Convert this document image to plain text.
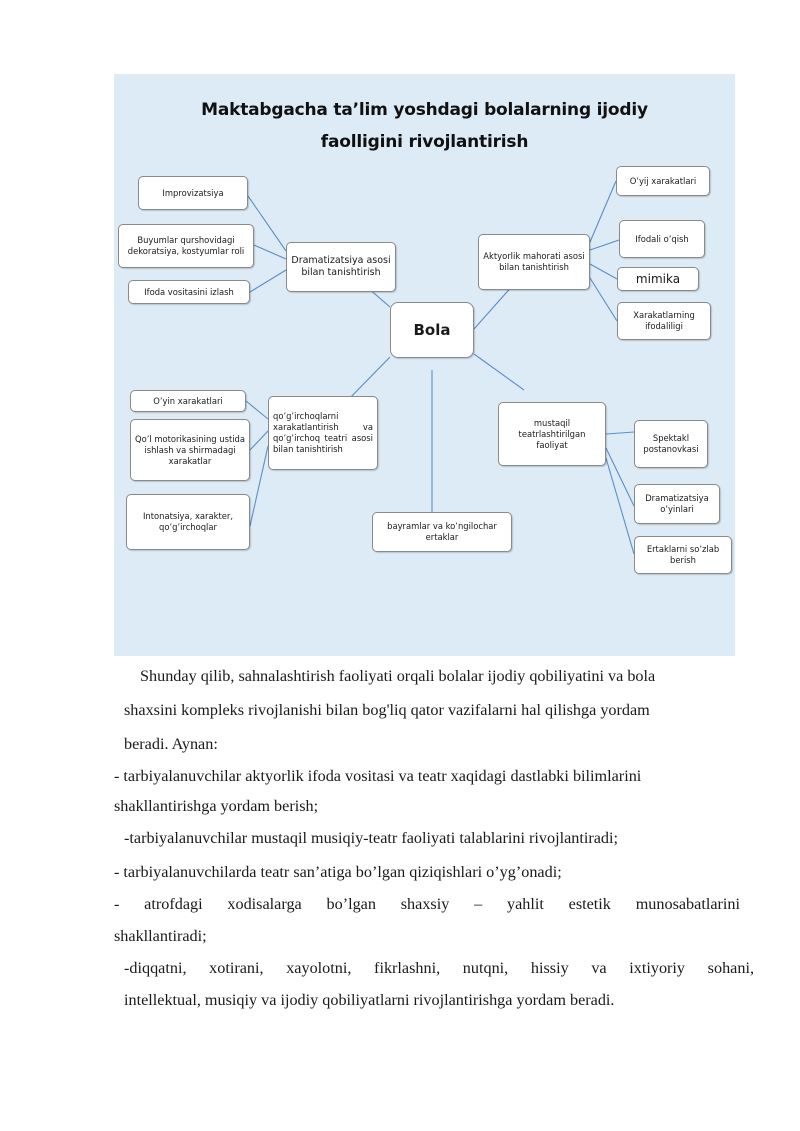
Maktabgacha ta’lim yoshdagi bolalarning ijodiy
faolligini rivojlantirish
Bola
Dramatizatsiya asosi bilan tanishtirish
Improvizatsiya
Buyumlar qurshovidagi dekoratsiya, kostyumlar roli
Ifoda vositasini izlash
Aktyorlik mahorati asosi bilan tanishtirish
O’yij xarakatlari
Ifodali o’qish
mimika
Xarakatlarning ifodaliligi
qo’g’irchoqlarni xarakatlantirish va qo’g’irchoq teatri asosi bilan tanishtirish
O’yin xarakatlari
Qo’l motorikasining ustida ishlash va shirmadagi xarakatlar
Intonatsiya, xarakter, qo’g’irchoqlar
mustaqil teatrlashtirilgan faoliyat
Spektakl postanovkasi
Dramatizatsiya o’yinlari
Ertaklarni so’zlab berish
bayramlar va ko’ngilochar ertaklar
Shunday qilib, sahnalashtirish faoliyati orqali bolalar ijodiy qobiliyatini va bola
shaxsini kompleks rivojlanishi bilan bog'liq qator vazifalarni hal qilishga yordam
beradi. Aynan:
- tarbiyalanuvchilar aktyorlik ifoda vositasi va teatr xaqidagi dastlabki bilimlarini
shakllantirishga yordam berish;
-tarbiyalanuvchilar mustaqil musiqiy-teatr faoliyati talablarini rivojlantiradi;
- tarbiyalanuvchilarda teatr san’atiga bo’lgan qiziqishlari o’yg’onadi;
- atrofdagi xodisalarga bo’lgan shaxsiy – yahlit estetik munosabatlarini
shakllantiradi;
-diqqatni, xotirani, xayolotni, fikrlashni, nutqni, hissiy va ixtiyoriy sohani,
intellektual, musiqiy va ijodiy qobiliyatlarni rivojlantirishga yordam beradi.
